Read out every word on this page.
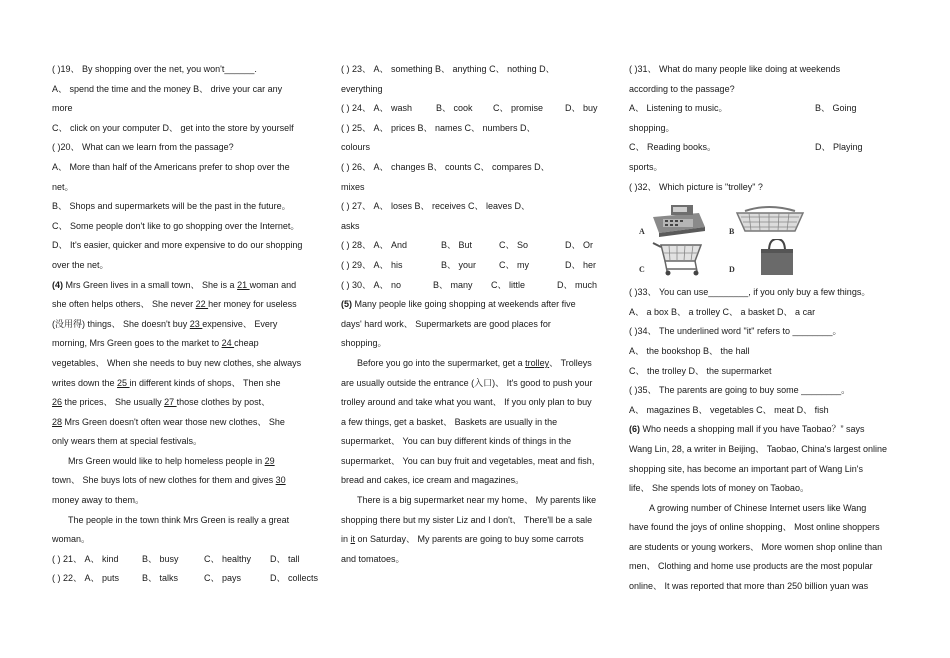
( )19、 By shopping over the net, you won't______.
A、 spend the time and the money B、 drive your car any
more
C、 click on your computer D、 get into the store by yourself
( )20、 What can we learn from the passage?
A、 More than half of the Americans prefer to shop over the
net。
B、 Shops and supermarkets will be the past in the future。
C、 Some people don't like to go shopping over the Internet。
D、 It's easier, quicker and more expensive to do our shopping
over the net。
(4) Mrs Green lives in a small town、 She is a 21 woman and
she often helps others、 She never 22 her money for useless
(没用得) things、 She doesn't buy 23 expensive、 Every
morning, Mrs Green goes to the market to 24 cheap
vegetables、 When she needs to buy new clothes, she always
writes down the 25 in different kinds of shops、 Then she
26 the prices、 She usually 27 those clothes by post、
28 Mrs Green doesn't often wear those new clothes、 She
only wears them at special festivals。
Mrs Green would like to help homeless people in 29
town、 She buys lots of new clothes for them and gives 30
money away to them。
The people in the town think Mrs Green is really a great
woman。
( ) 21、 A、 kind	B、 busy	C、 healthy D、 tall
( ) 22、 A、 puts	B、 talks	C、 pays	D、 collects
( ) 23、 A、 something B、 anything C、 nothing D、
everything
( ) 24、 A、 wash	B、 cook C、 promise D、 buy
( ) 25、 A、 prices B、 names C、 numbers D、
colours
( ) 26、 A、 changes B、 counts C、 compares D、
mixes
( ) 27、 A、 loses B、 receives C、 leaves D、
asks
( ) 28、 A、 And	B、 But	C、 So	D、 Or
( ) 29、 A、 his	B、 your	C、 my	D、 her
( ) 30、 A、 no	B、 many C、 little	D、 much
(5) Many people like going shopping at weekends after five
days' hard work、 Supermarkets are good places for
shopping。
Before you go into the supermarket, get a trolley、 Trolleys
are usually outside the entrance (入口)、 It's good to push your
trolley around and take what you want、 If you only plan to buy
a few things, get a basket、 Baskets are usually in the
supermarket、 You can buy different kinds of things in the
supermarket、 You can buy fruit and vegetables, meat and fish,
bread and cakes, ice cream and magazines。
There is a big supermarket near my home、 My parents like
shopping there but my sister Liz and I don't、 There'll be a sale
in it on Saturday、 My parents are going to buy some carrots
and tomatoes。
( )31、 What do many people like doing at weekends
according to the passage?
A、 Listening to music。	B、 Going
shopping。
C、 Reading books。	D、 Playing
sports。
( )32、 Which picture is "trolley" ?
A	B
C	D
( )33、 You can use________, if you only buy a few things。
A、 a box B、 a trolley C、 a basket D、 a car
( )34、 The underlined word "it" refers to ________。
A、 the bookshop B、 the hall
C、 the trolley D、 the supermarket
( )35、 The parents are going to buy some ________。
A、 magazines B、 vegetables C、 meat D、 fish
(6) Who needs a shopping mall if you have Taobao？” says
Wang Lin, 28, a writer in Beijing、 Taobao, China's largest online
shopping site, has become an important part of Wang Lin's
life、 She spends lots of money on Taobao。
A growing number of Chinese Internet users like Wang
have found the joys of online shopping、 Most online shoppers
are students or young workers、 More women shop online than
men、 Clothing and home use products are the most popular
online、 It was reported that more than 250 billion yuan was
